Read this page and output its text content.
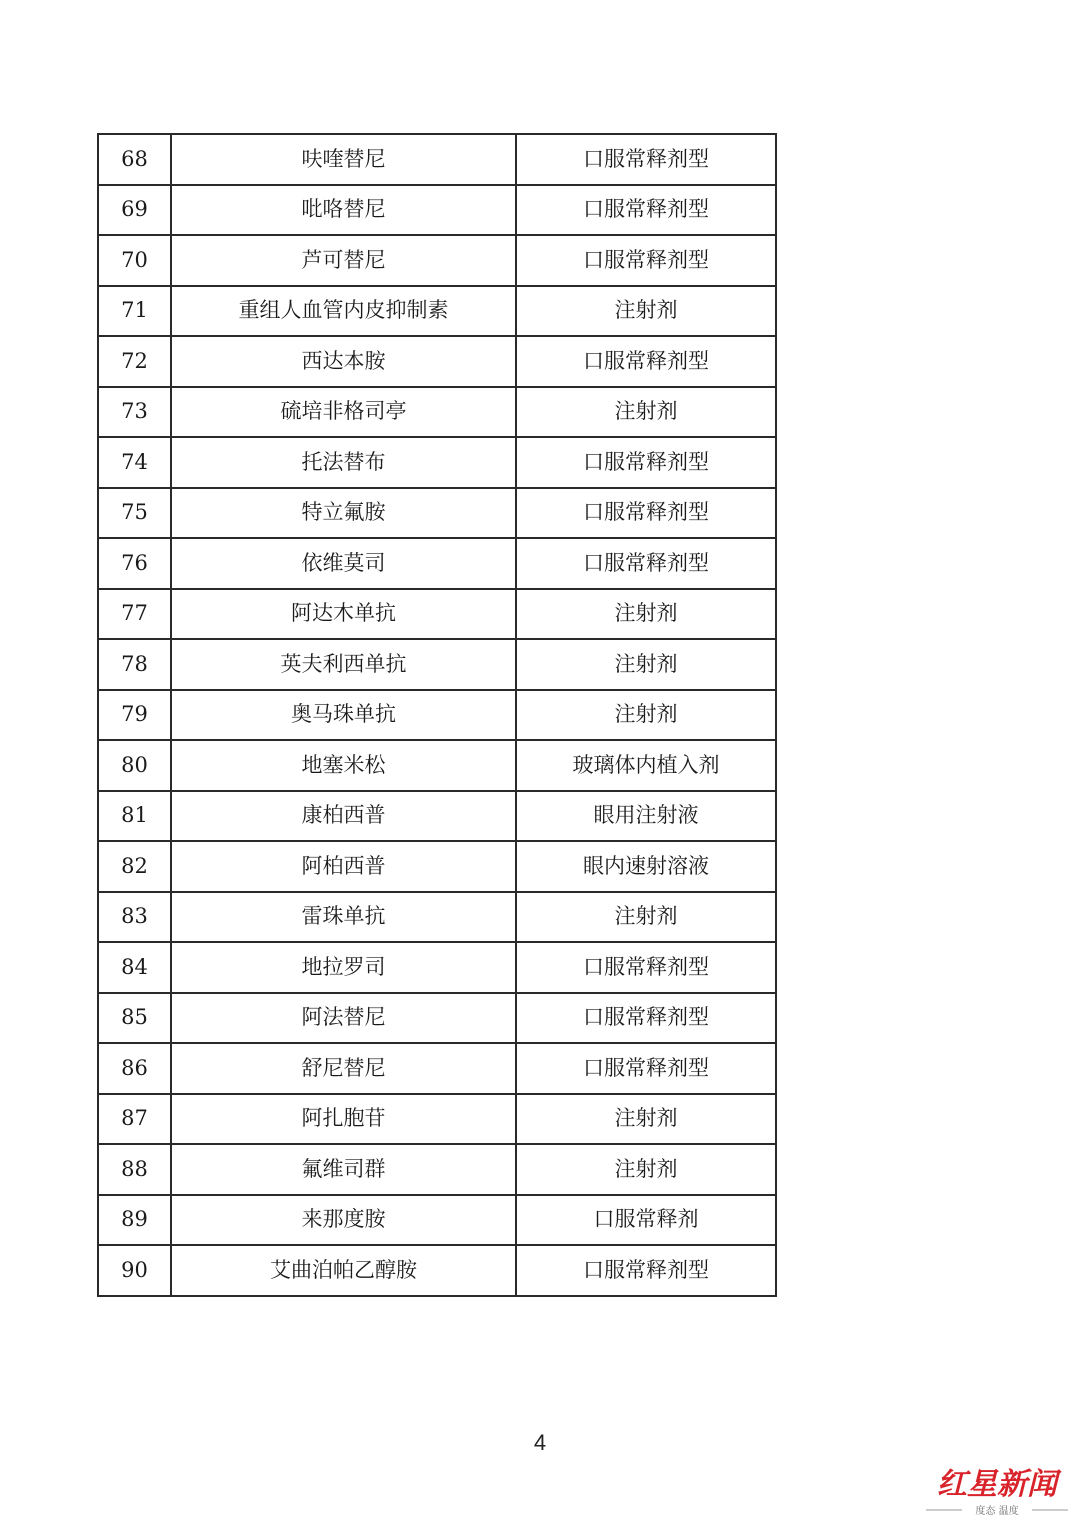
68	呋喹替尼	口服常释剂型
69	吡咯替尼	口服常释剂型
70	芦可替尼	口服常释剂型
71	重组人血管内皮抑制素	注射剂
72	西达本胺	口服常释剂型
73	硫培非格司亭	注射剂
74	托法替布	口服常释剂型
75	特立氟胺	口服常释剂型
76	依维莫司	口服常释剂型
77	阿达木单抗	注射剂
78	英夫利西单抗	注射剂
79	奥马珠单抗	注射剂
80	地塞米松	玻璃体内植入剂
81	康柏西普	眼用注射液
82	阿柏西普	眼内速射溶液
83	雷珠单抗	注射剂
84	地拉罗司	口服常释剂型
85	阿法替尼	口服常释剂型
86	舒尼替尼	口服常释剂型
87	阿扎胞苷	注射剂
88	氟维司群	注射剂
89	来那度胺	口服常释剂
90	艾曲泊帕乙醇胺	口服常释剂型
4
红星新闻
度态 温度
